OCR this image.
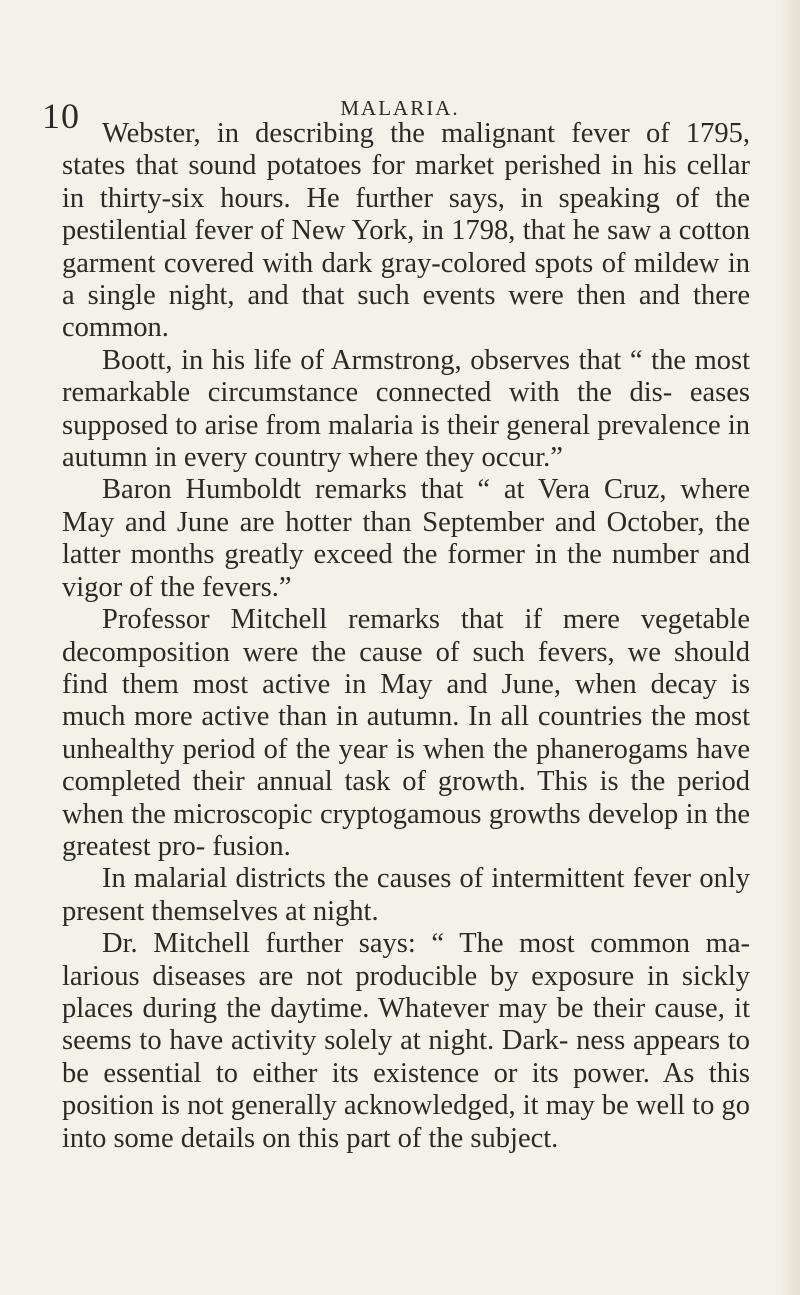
10	MALARIA.

Webster, in describing the malignant fever of 1795, states that sound potatoes for market perished in his cellar in thirty-six hours. He further says, in speaking of the pestilential fever of New York, in 1798, that he saw a cotton garment covered with dark gray-colored spots of mildew in a single night, and that such events were then and there common.

Boott, in his life of Armstrong, observes that “ the most remarkable circumstance connected with the dis- eases supposed to arise from malaria is their general prevalence in autumn in every country where they occur.”

Baron Humboldt remarks that “ at Vera Cruz, where May and June are hotter than September and October, the latter months greatly exceed the former in the number and vigor of the fevers.”

Professor Mitchell remarks that if mere vegetable decomposition were the cause of such fevers, we should find them most active in May and June, when decay is much more active than in autumn. In all countries the most unhealthy period of the year is when the phanerogams have completed their annual task of growth. This is the period when the microscopic cryptogamous growths develop in the greatest pro- fusion.

In malarial districts the causes of intermittent fever only present themselves at night.

Dr. Mitchell further says: “ The most common ma- larious diseases are not producible by exposure in sickly places during the daytime. Whatever may be their cause, it seems to have activity solely at night. Dark- ness appears to be essential to either its existence or its power. As this position is not generally acknowledged, it may be well to go into some details on this part of the subject.
